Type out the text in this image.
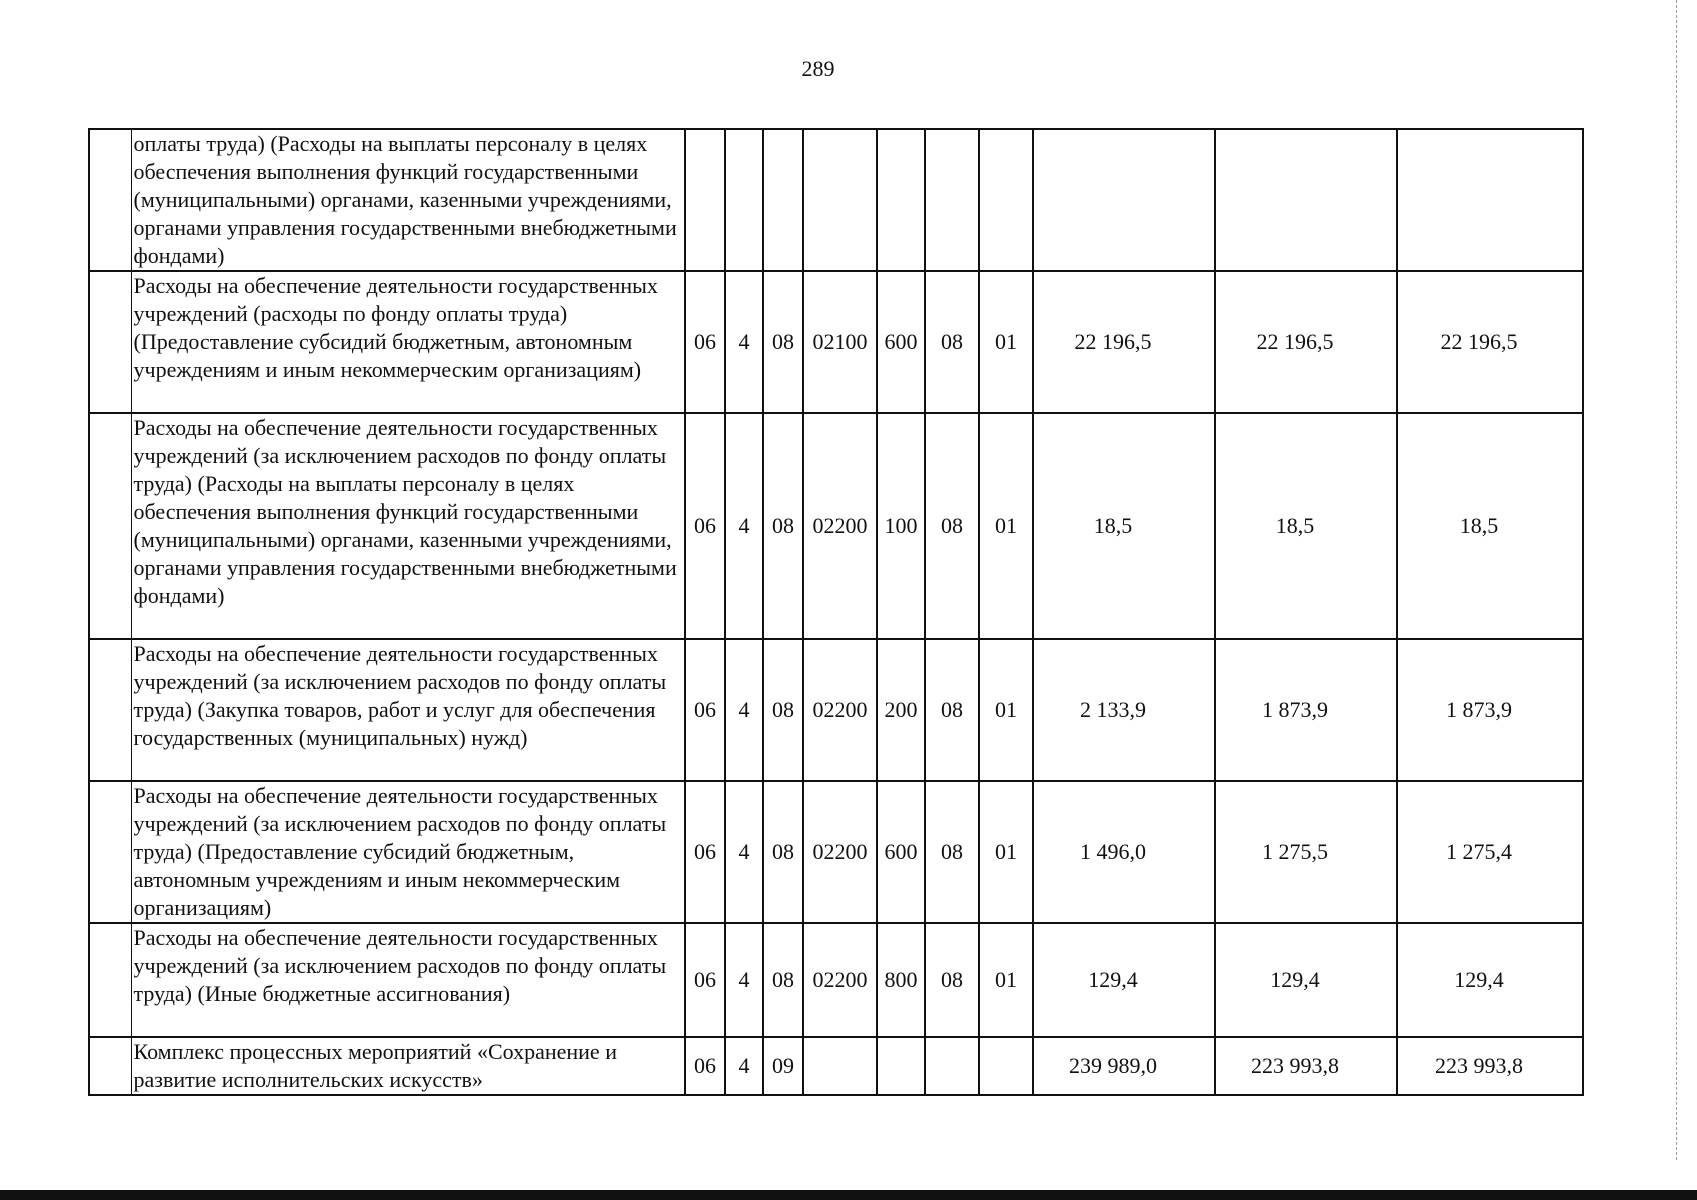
289
	оплаты труда) (Расходы на выплаты персоналу в целях обеспечения выполнения функций государственными (муниципальными) органами, казенными учреждениями, органами управления государственными внебюджетными фондами)										
	Расходы на обеспечение деятельности государственных учреждений (расходы по фонду оплаты труда) (Предоставление субсидий бюджетным, автономным учреждениям и иным некоммерческим организациям)	06	4	08	02100	600	08	01	22 196,5	22 196,5	22 196,5
	Расходы на обеспечение деятельности государственных учреждений (за исключением расходов по фонду оплаты труда) (Расходы на выплаты персоналу в целях обеспечения выполнения функций государственными (муниципальными) органами, казенными учреждениями, органами управления государственными внебюджетными фондами)	06	4	08	02200	100	08	01	18,5	18,5	18,5
	Расходы на обеспечение деятельности государственных учреждений (за исключением расходов по фонду оплаты труда) (Закупка товаров, работ и услуг для обеспечения государственных (муниципальных) нужд)	06	4	08	02200	200	08	01	2 133,9	1 873,9	1 873,9
	Расходы на обеспечение деятельности государственных учреждений (за исключением расходов по фонду оплаты труда) (Предоставление субсидий бюджетным, автономным учреждениям и иным некоммерческим организациям)	06	4	08	02200	600	08	01	1 496,0	1 275,5	1 275,4
	Расходы на обеспечение деятельности государственных учреждений (за исключением расходов по фонду оплаты труда) (Иные бюджетные ассигнования)	06	4	08	02200	800	08	01	129,4	129,4	129,4
	Комплекс процессных мероприятий «Сохранение и развитие исполнительских искусств»	06	4	09					239 989,0	223 993,8	223 993,8
